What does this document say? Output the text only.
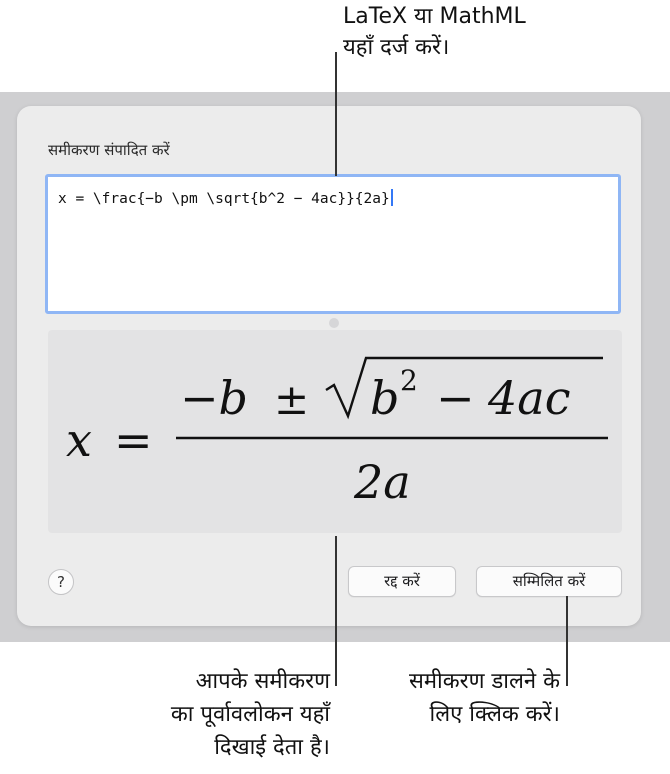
LaTeX या MathML
यहाँ दर्ज करें।
समीकरण संपादित करें
x = \frac{−b \pm \sqrt{b^2 − 4ac}}{2a}
x =
−b ± b 2 − 4ac
2a
?	रद्द करें	सम्मिलित करें
आपके समीकरण
का पूर्वावलोकन यहाँ
दिखाई देता है।
समीकरण डालने के
लिए क्लिक करें।
